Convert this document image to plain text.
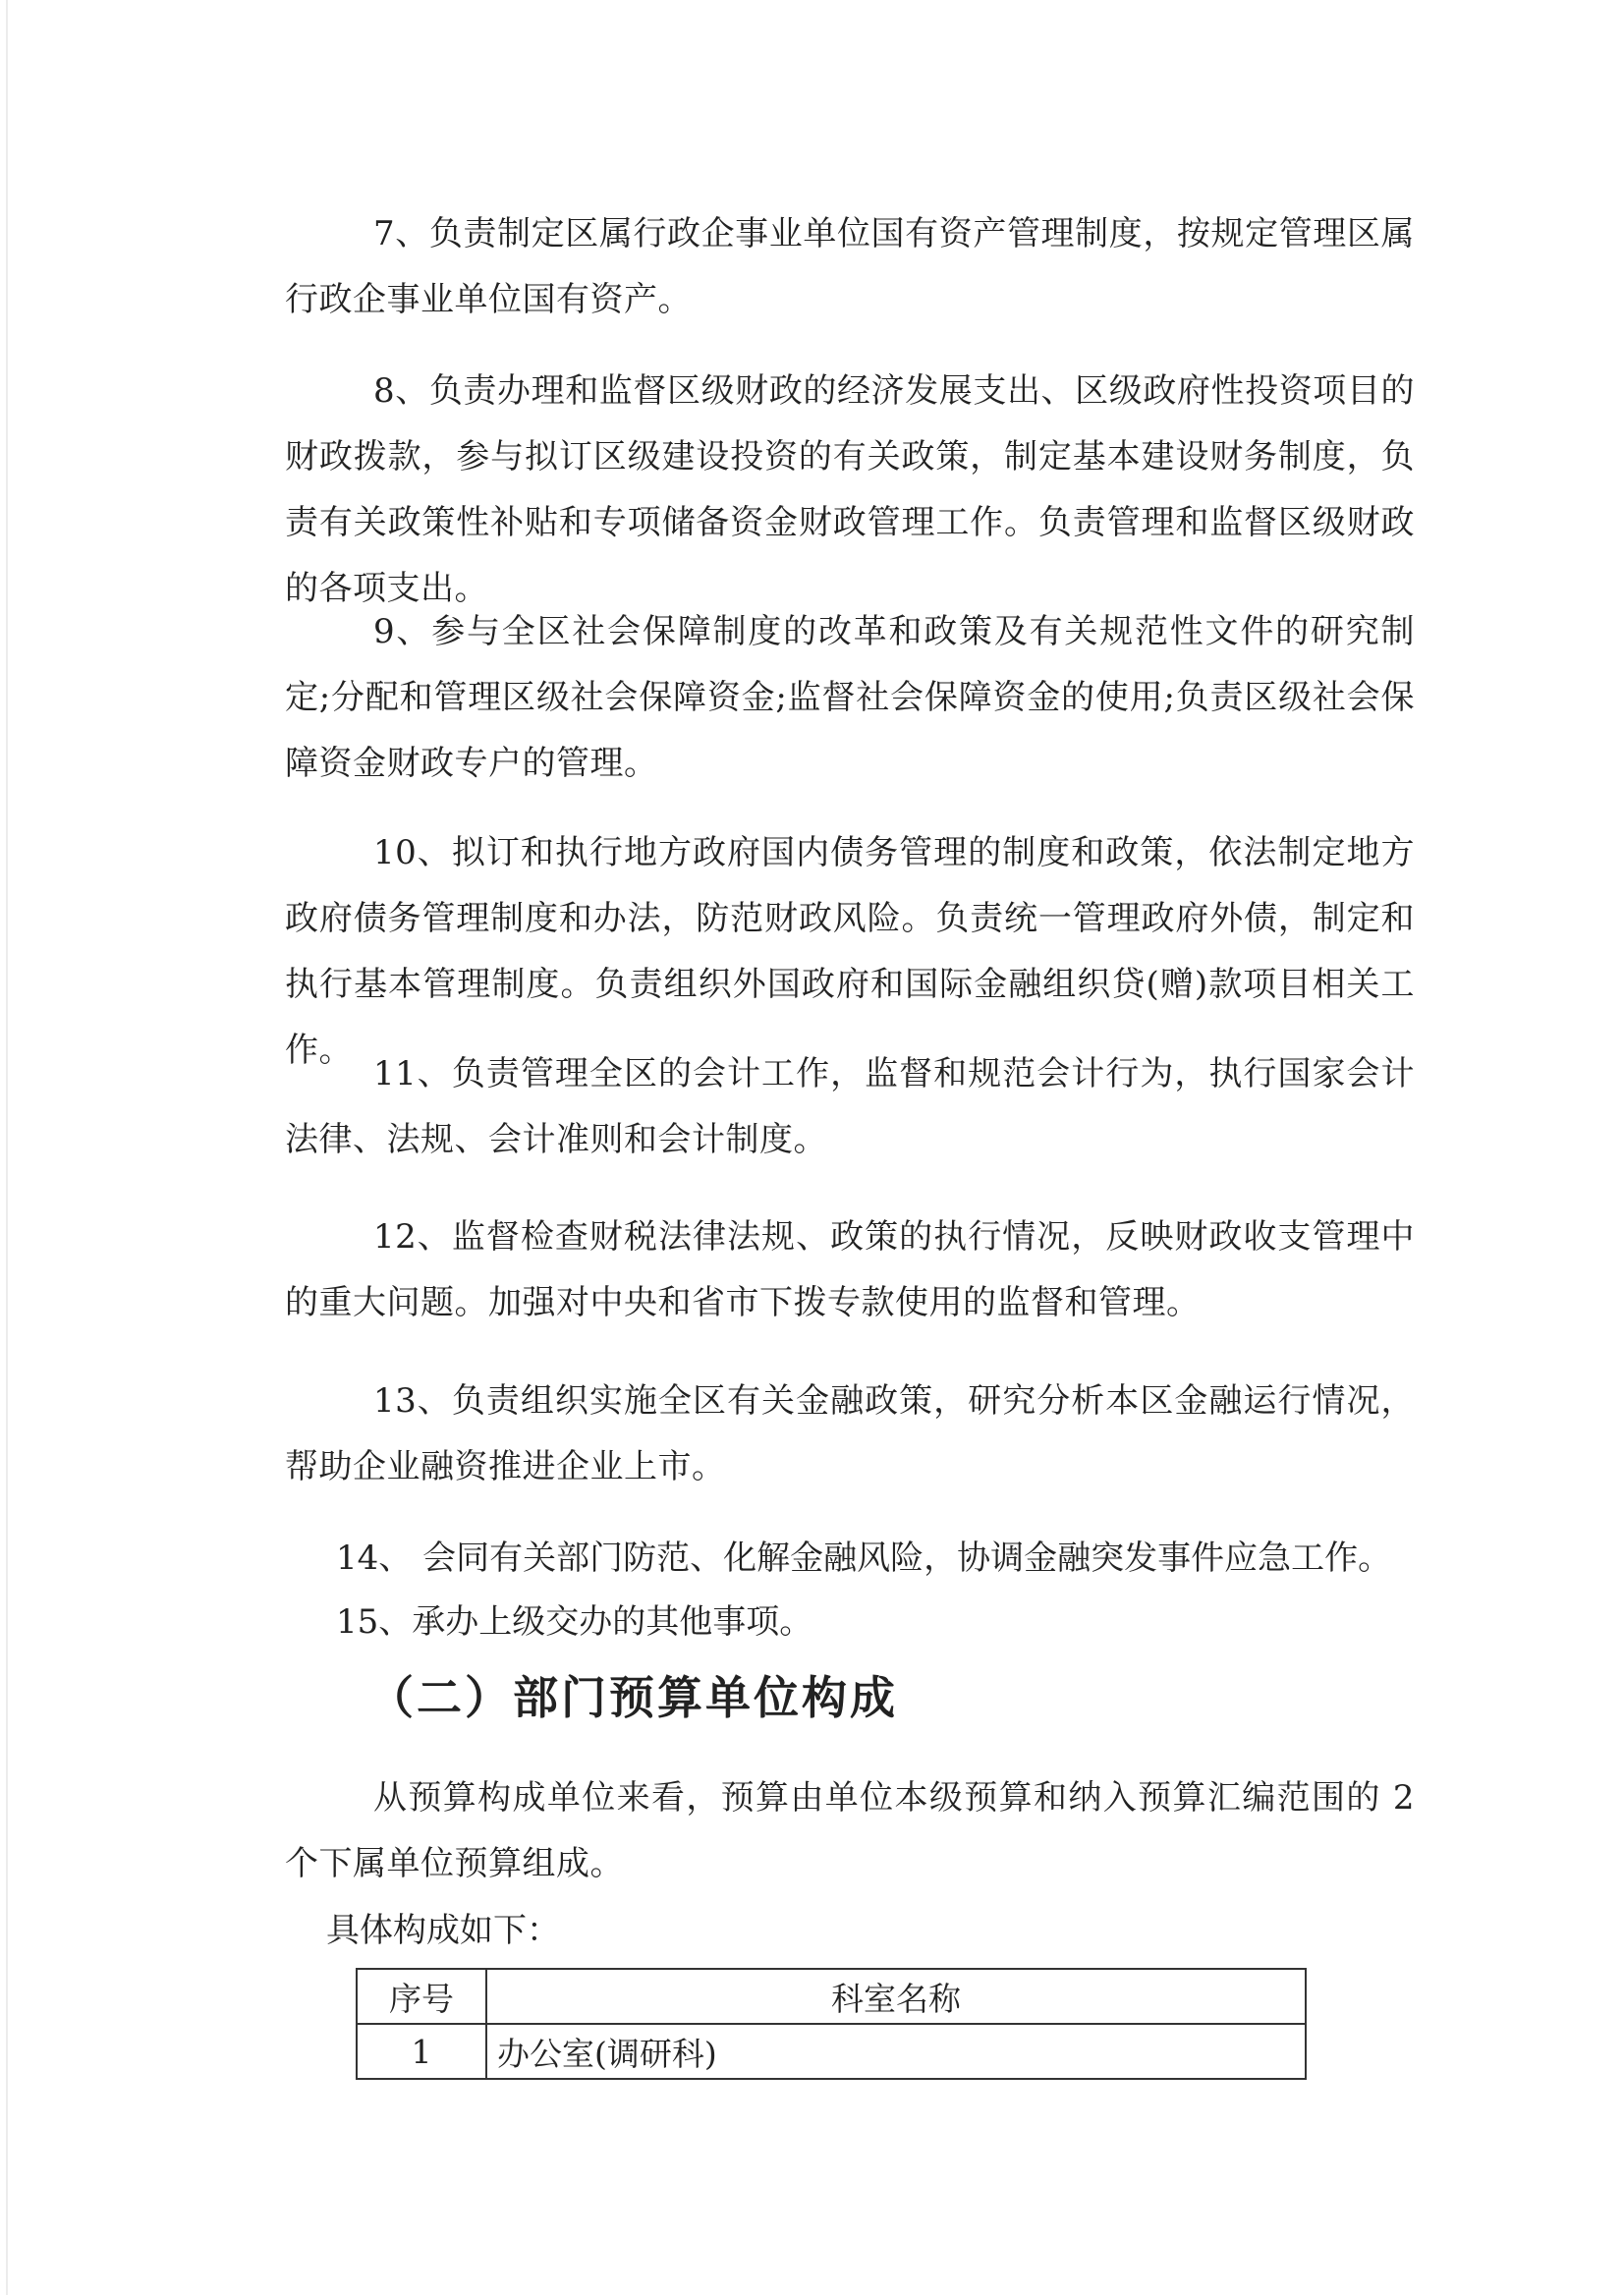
7、负责制定区属行政企事业单位国有资产管理制度，按规定管理区属行政企事业单位国有资产。

8、负责办理和监督区级财政的经济发展支出、区级政府性投资项目的财政拨款，参与拟订区级建设投资的有关政策，制定基本建设财务制度，负责有关政策性补贴和专项储备资金财政管理工作。负责管理和监督区级财政的各项支出。

9、参与全区社会保障制度的改革和政策及有关规范性文件的研究制定;分配和管理区级社会保障资金;监督社会保障资金的使用;负责区级社会保障资金财政专户的管理。

10、拟订和执行地方政府国内债务管理的制度和政策，依法制定地方政府债务管理制度和办法，防范财政风险。负责统一管理政府外债，制定和执行基本管理制度。负责组织外国政府和国际金融组织贷(赠)款项目相关工作。

11、负责管理全区的会计工作，监督和规范会计行为，执行国家会计法律、法规、会计准则和会计制度。

12、监督检查财税法律法规、政策的执行情况，反映财政收支管理中的重大问题。加强对中央和省市下拨专款使用的监督和管理。

13、负责组织实施全区有关金融政策，研究分析本区金融运行情况，帮助企业融资推进企业上市。

14、 会同有关部门防范、化解金融风险，协调金融突发事件应急工作。

15、承办上级交办的其他事项。

（二）部门预算单位构成

从预算构成单位来看，预算由单位本级预算和纳入预算汇编范围的 2 个下属单位预算组成。

具体构成如下：

序号	科室名称
1	办公室(调研科)
